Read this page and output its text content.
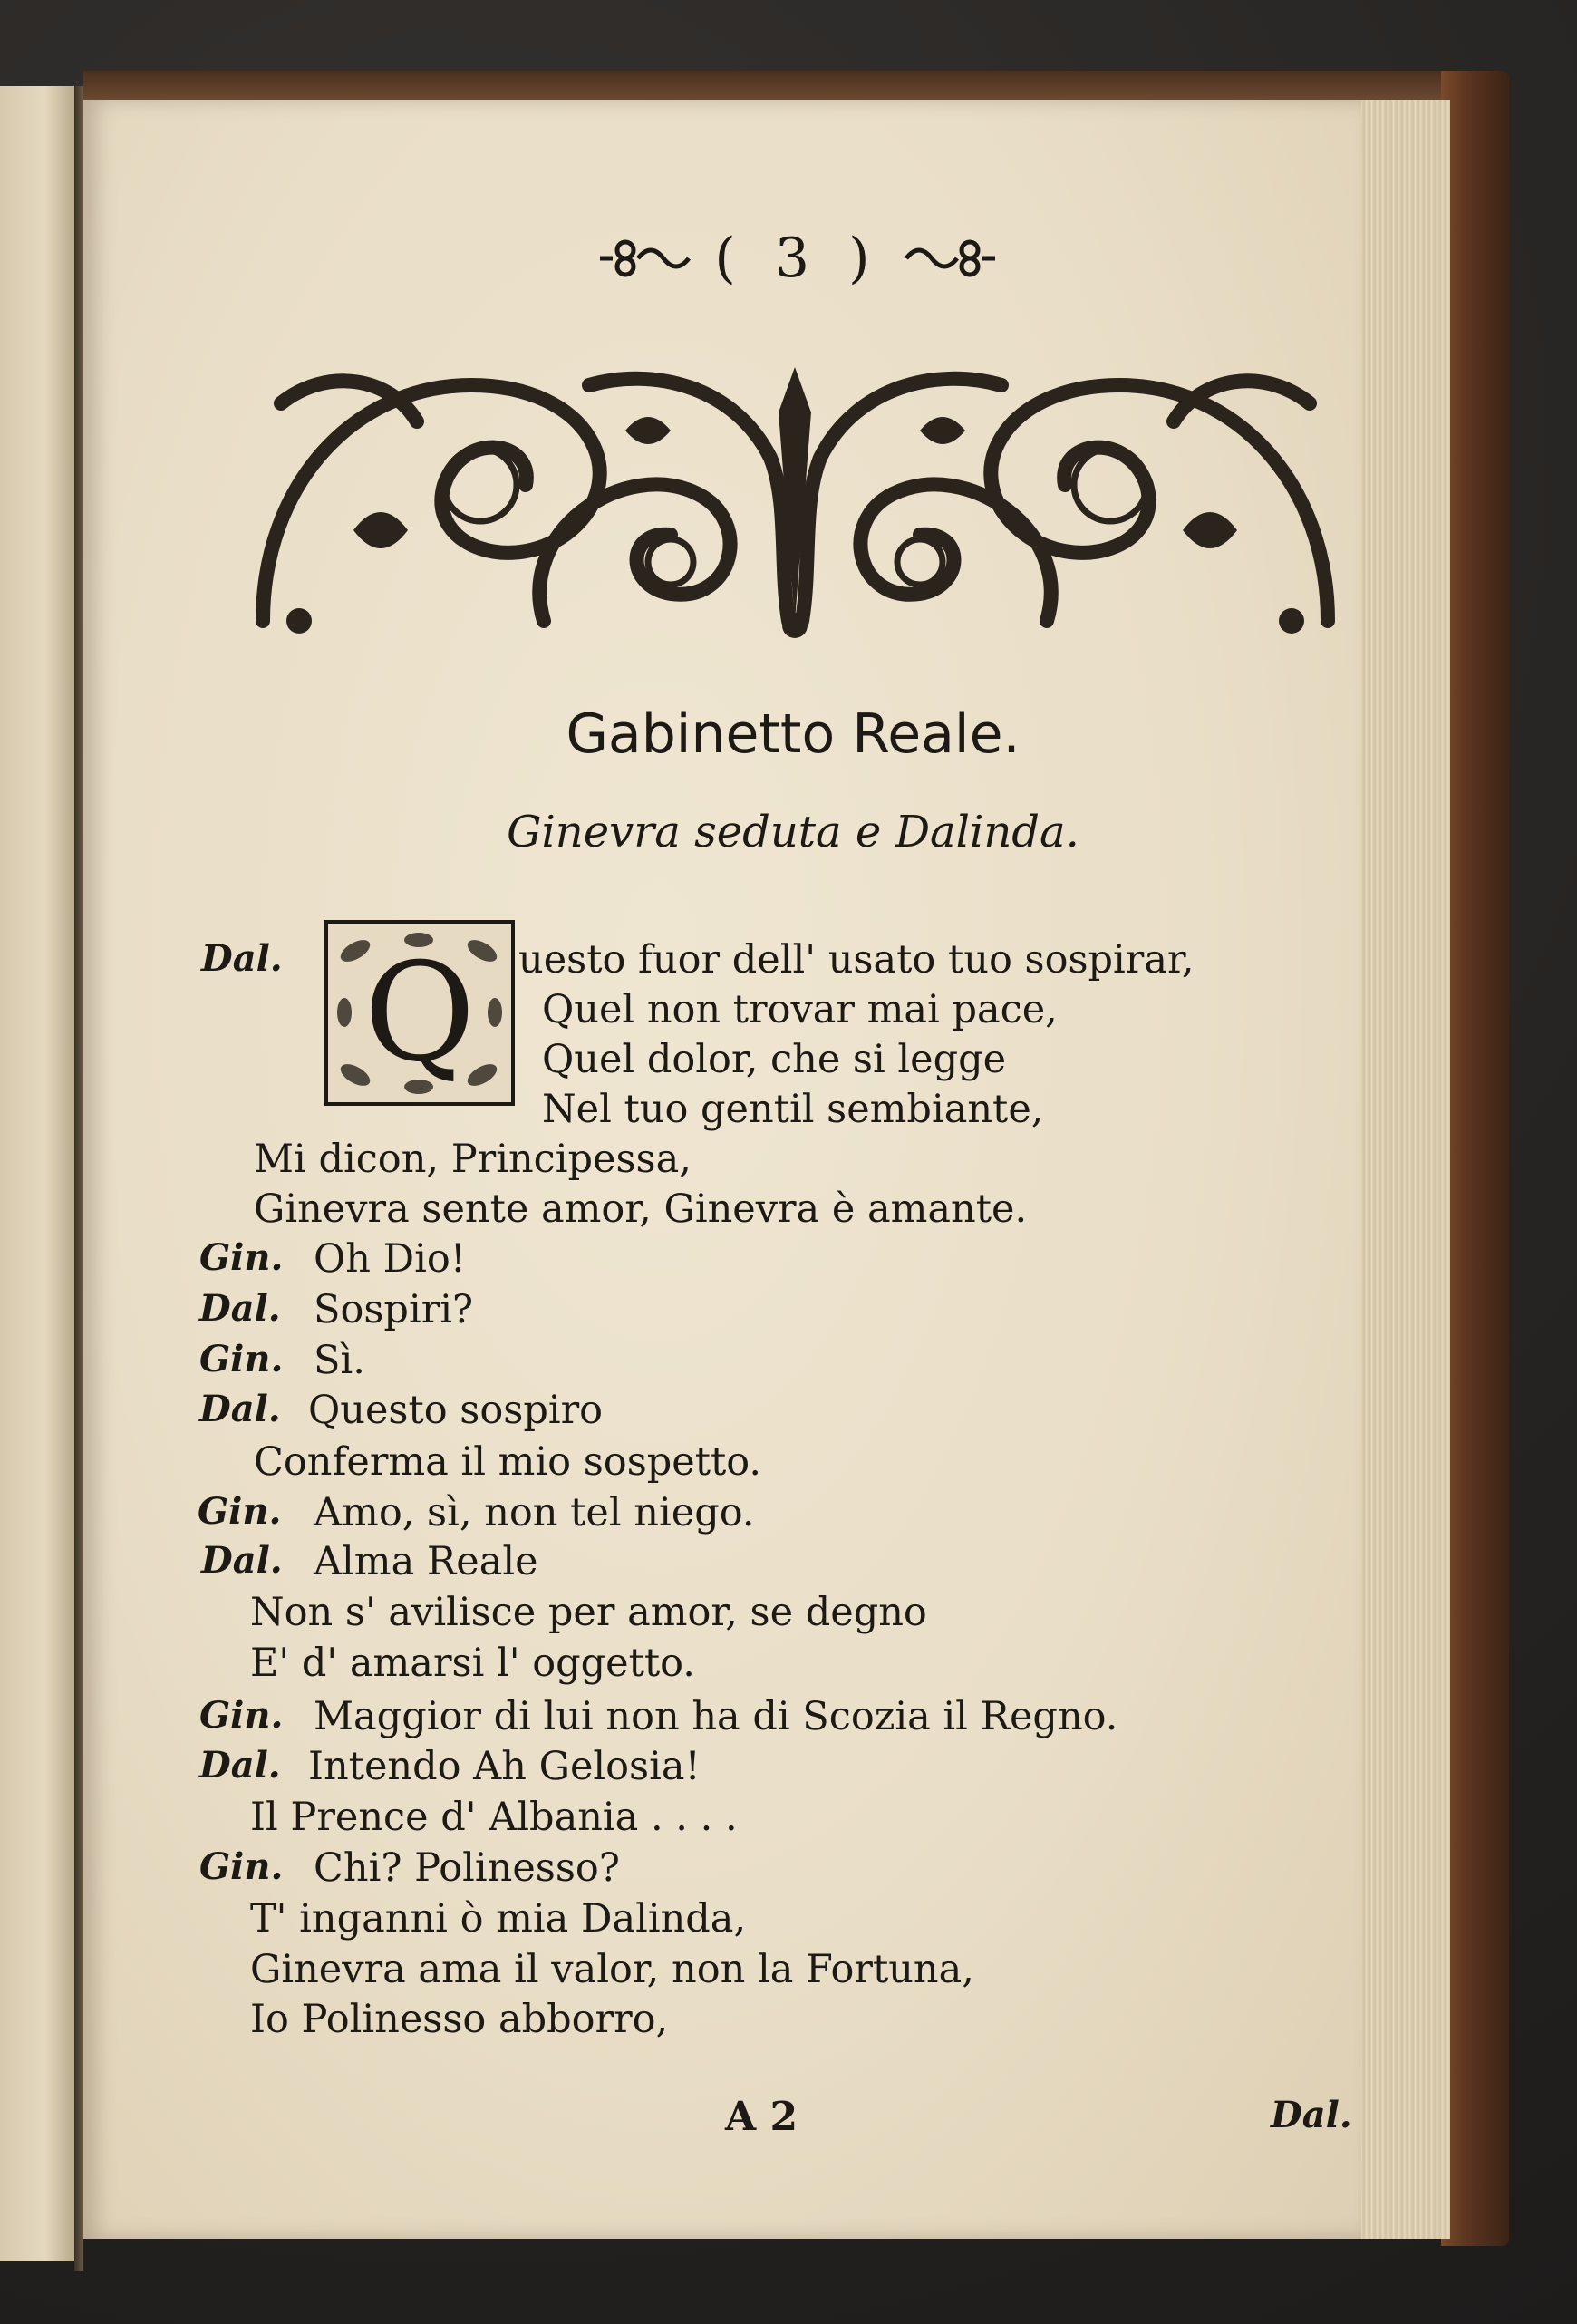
( 3 )
Gabinetto Reale.
Ginevra seduta e Dalinda.
Q
Dal.
Gin.
Dal.
Gin.
Dal.
Gin.
Dal.
Gin.
Dal.
Gin.
uesto fuor dell' usato tuo sospirar,
Quel non trovar mai pace,
Quel dolor, che si legge
Nel tuo gentil sembiante,
Mi dicon, Principessa,
Ginevra sente amor, Ginevra è amante.
Oh Dio!
Sospiri?
Sì.
Questo sospiro
Conferma il mio sospetto.
Amo, sì, non tel niego.
Alma Reale
Non s' avilisce per amor, se degno
E' d' amarsi l' oggetto.
Maggior di lui non ha di Scozia il Regno.
Intendo Ah Gelosia!
Il Prence d' Albania . . . .
Chi? Polinesso?
T' inganni ò mia Dalinda,
Ginevra ama il valor, non la Fortuna,
Io Polinesso abborro,
A 2	Dal.
